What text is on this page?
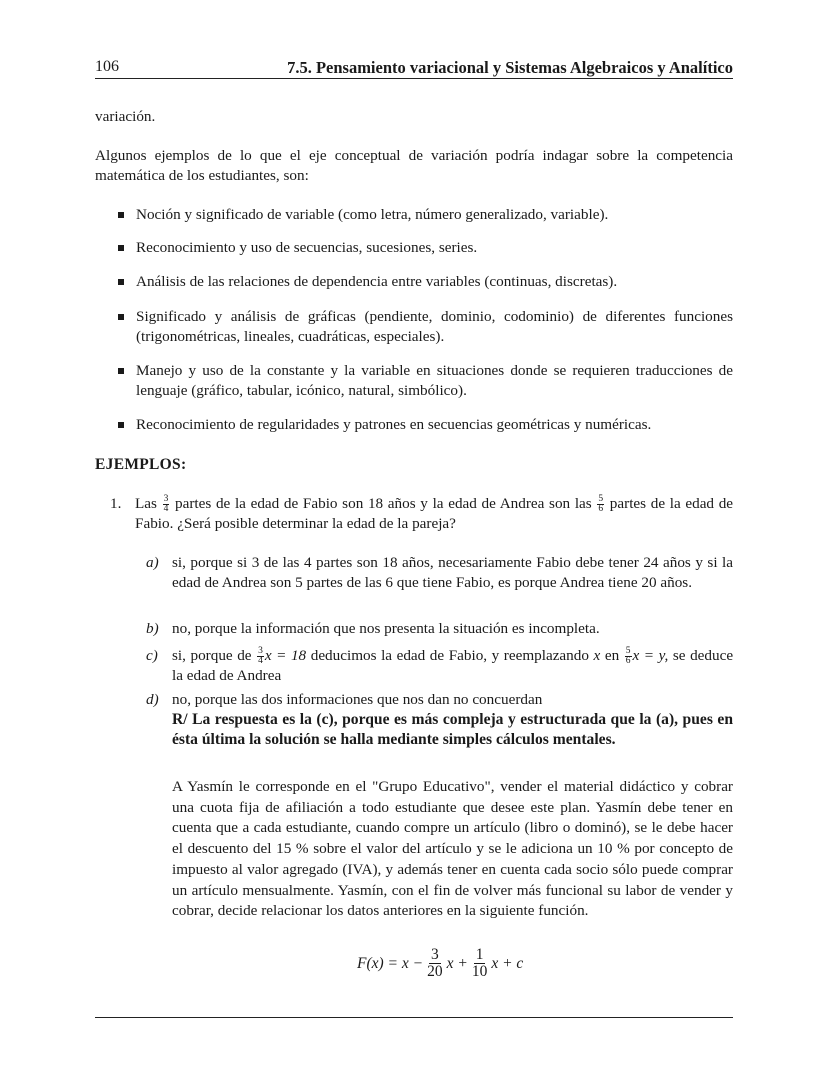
106	7.5. Pensamiento variacional y Sistemas Algebraicos y Analítico
variación.
Algunos ejemplos de lo que el eje conceptual de variación podría indagar sobre la competencia matemática de los estudiantes, son:
Noción y significado de variable (como letra, número generalizado, variable).
Reconocimiento y uso de secuencias, sucesiones, series.
Análisis de las relaciones de dependencia entre variables (continuas, discretas).
Significado y análisis de gráficas (pendiente, dominio, codominio) de diferentes funciones (trigonométricas, lineales, cuadráticas, especiales).
Manejo y uso de la constante y la variable en situaciones donde se requieren traducciones de lenguaje (gráfico, tabular, icónico, natural, simbólico).
Reconocimiento de regularidades y patrones en secuencias geométricas y numéricas.
EJEMPLOS:
1. Las $\frac{3}{4}$ partes de la edad de Fabio son 18 años y la edad de Andrea son las $\frac{5}{6}$ partes de la edad de Fabio. ¿Será posible determinar la edad de la pareja?
a) si, porque si 3 de las 4 partes son 18 años, necesariamente Fabio debe tener 24 años y si la edad de Andrea son 5 partes de las 6 que tiene Fabio, es porque Andrea tiene 20 años.
b) no, porque la información que nos presenta la situación es incompleta.
c) si, porque de $\frac{3}{4}$ x = 18 deducimos la edad de Fabio, y reemplazando x en $\frac{5}{6}$ x = y, se deduce la edad de Andrea
d) no, porque las dos informaciones que nos dan no concuerdan
R/ La respuesta es la (c), porque es más compleja y estructurada que la (a), pues en ésta última la solución se halla mediante simples cálculos mentales.
A Yasmín le corresponde en el "Grupo Educativo", vender el material didáctico y cobrar una cuota fija de afiliación a todo estudiante que desee este plan. Yasmín debe tener en cuenta que a cada estudiante, cuando compre un artículo (libro o dominó), se le debe hacer el descuento del 15 % sobre el valor del artículo y se le adiciona un 10 % por concepto de impuesto al valor agregado (IVA), y además tener en cuenta cada socio sólo puede comprar un artículo mensualmente. Yasmín, con el fin de volver más funcional su labor de vender y cobrar, decide relacionar los datos anteriores en la siguiente función.
$F(x) = x - \frac{3}{20}$ $x + \frac{1}{10}$ x + c
